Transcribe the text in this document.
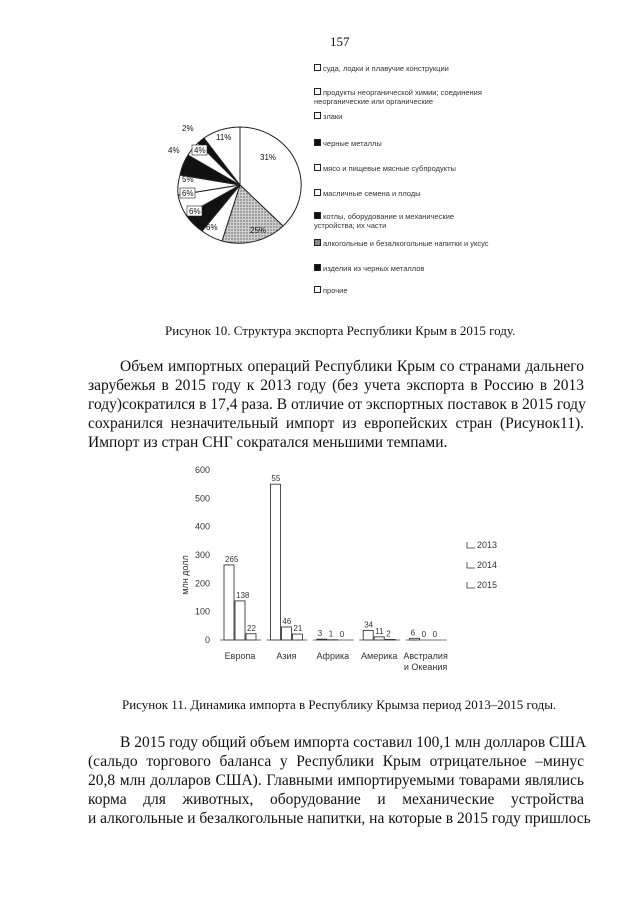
157
31%
25%
6%
6%
6%
5%
4% 4%
2%
11%
суда, лодки и плавучие конструкции
продукты неорганической химии; соединения неорганические или органические
злаки
черные металлы
мясо и пищевые мясные субпродукты
масличные семена и плоды
котлы, оборудование и механические устройства; их части
алкогольные и безалкогольные напитки и уксус
изделия из черных металлов
прочие
Рисунок 10. Структура экспорта Республики Крым в 2015 году.
Объем импортных операций Республики Крым со странами дальнего
зарубежья в 2015 году к 2013 году (без учета экспорта в Россию в 2013
году)сократился в 17,4 раза. В отличие от экспортных поставок в 2015 году
сохранился незначительный импорт из европейских стран (Рисунок11).
Импорт из стран СНГ сократался меньшими темпами.
млн долл
0
100
200
300
400
500
600
265
138
22
55
46
21
3 1 0
34
11 2 6 0 0
Европа Азия Африка Америка Австралия
и Океания
2013
2014
2015
Рисунок 11. Динамика импорта в Республику Крымза период 2013–2015 годы.
В 2015 году общий объем импорта составил 100,1 млн долларов США
(сальдо торгового баланса у Республики Крым отрицательное –минус
20,8 млн долларов США). Главными импортируемыми товарами являлись
корма для животных, оборудование и механические устройства
и алкогольные и безалкогольные напитки, на которые в 2015 году пришлось
